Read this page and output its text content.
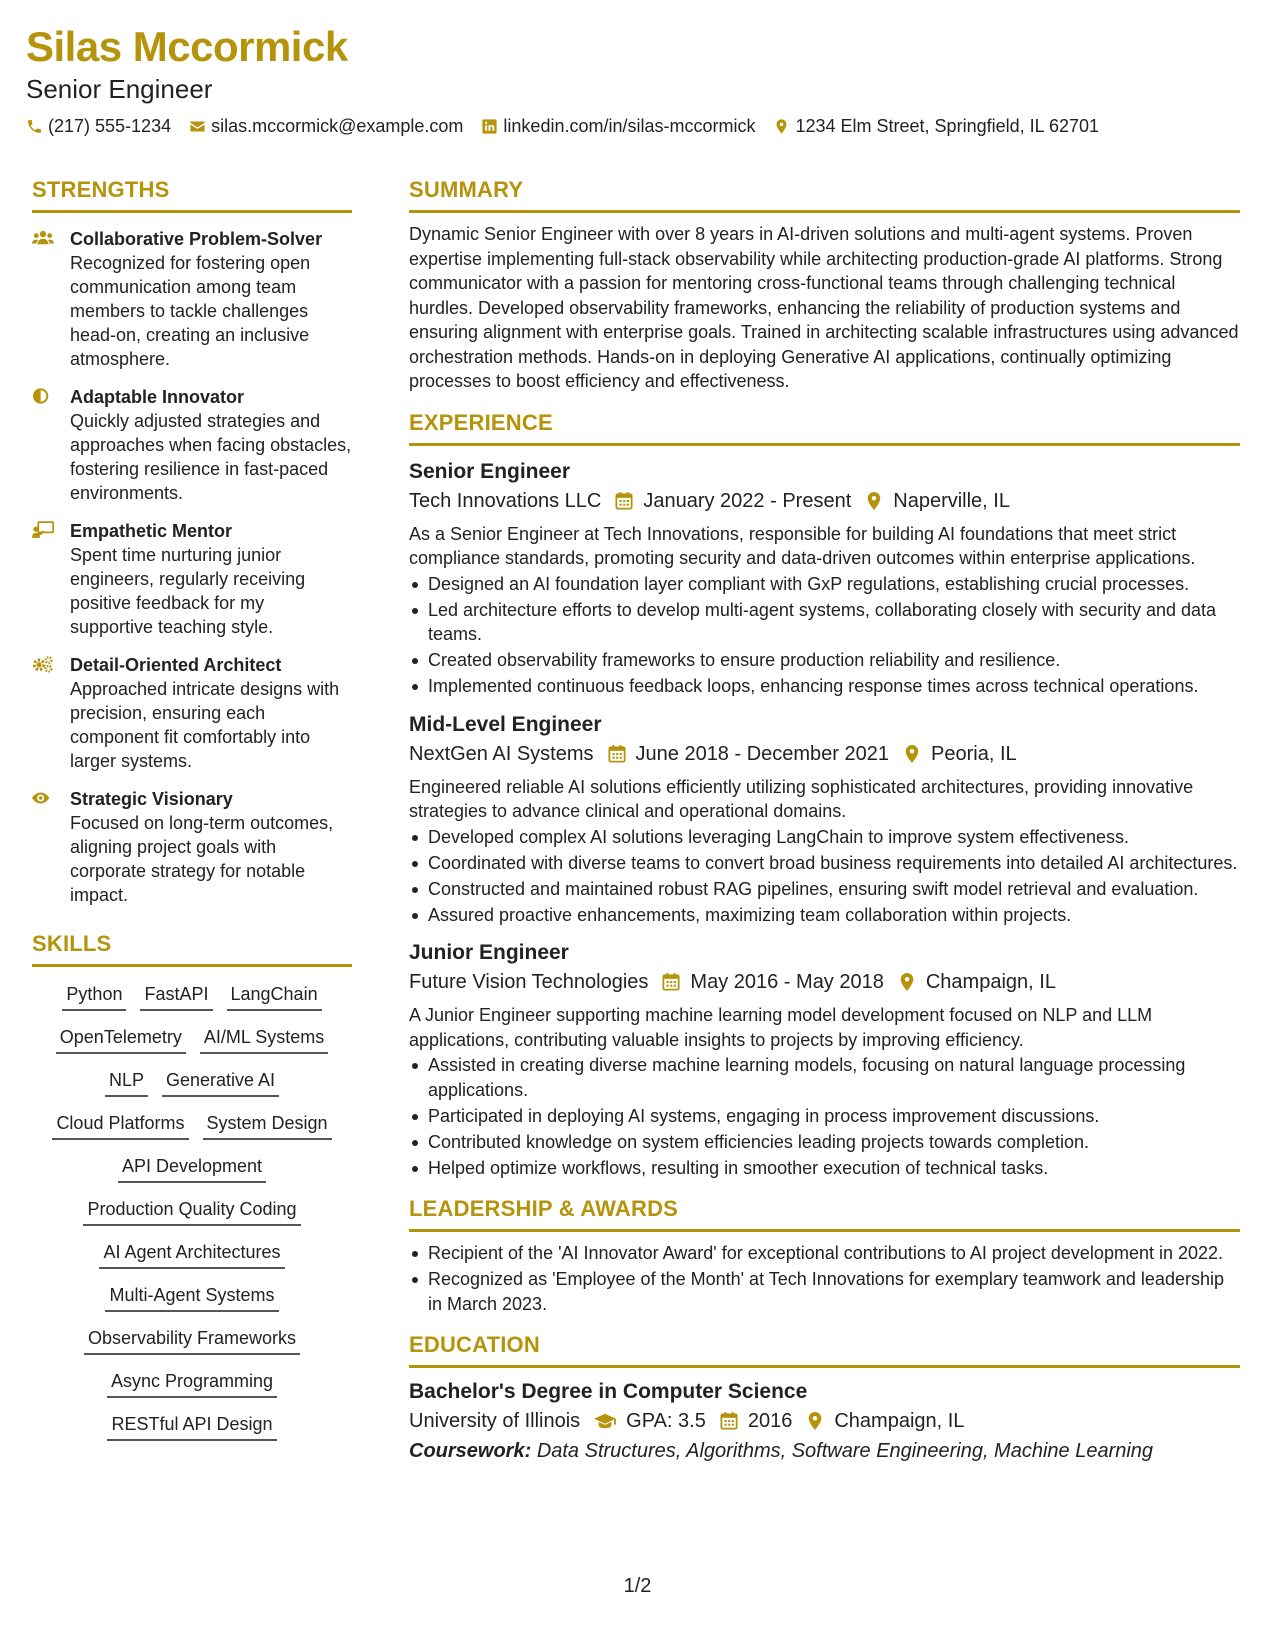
Silas Mccormick
Senior Engineer
(217) 555-1234 silas.mccormick@example.com linkedin.com/in/silas-mccormick 1234 Elm Street, Springfield, IL 62701
STRENGTHS
Collaborative Problem-Solver
Recognized for fostering open communication among team members to tackle challenges head-on, creating an inclusive atmosphere.
Adaptable Innovator
Quickly adjusted strategies and approaches when facing obstacles, fostering resilience in fast-paced environments.
Empathetic Mentor
Spent time nurturing junior engineers, regularly receiving positive feedback for my supportive teaching style.
Detail-Oriented Architect
Approached intricate designs with precision, ensuring each component fit comfortably into larger systems.
Strategic Visionary
Focused on long-term outcomes, aligning project goals with corporate strategy for notable impact.
SKILLS
Python FastAPI LangChain
OpenTelemetry AI/ML Systems
NLP Generative AI
Cloud Platforms System Design
API Development
Production Quality Coding
AI Agent Architectures
Multi-Agent Systems
Observability Frameworks
Async Programming
RESTful API Design
SUMMARY
Dynamic Senior Engineer with over 8 years in AI-driven solutions and multi-agent systems. Proven expertise implementing full-stack observability while architecting production-grade AI platforms. Strong communicator with a passion for mentoring cross-functional teams through challenging technical hurdles. Developed observability frameworks, enhancing the reliability of production systems and ensuring alignment with enterprise goals. Trained in architecting scalable infrastructures using advanced orchestration methods. Hands-on in deploying Generative AI applications, continually optimizing processes to boost efficiency and effectiveness.
EXPERIENCE
Senior Engineer
Tech Innovations LLC January 2022 - Present Naperville, IL
As a Senior Engineer at Tech Innovations, responsible for building AI foundations that meet strict compliance standards, promoting security and data-driven outcomes within enterprise applications.
Designed an AI foundation layer compliant with GxP regulations, establishing crucial processes.
Led architecture efforts to develop multi-agent systems, collaborating closely with security and data teams.
Created observability frameworks to ensure production reliability and resilience.
Implemented continuous feedback loops, enhancing response times across technical operations.
Mid-Level Engineer
NextGen AI Systems June 2018 - December 2021 Peoria, IL
Engineered reliable AI solutions efficiently utilizing sophisticated architectures, providing innovative strategies to advance clinical and operational domains.
Developed complex AI solutions leveraging LangChain to improve system effectiveness.
Coordinated with diverse teams to convert broad business requirements into detailed AI architectures.
Constructed and maintained robust RAG pipelines, ensuring swift model retrieval and evaluation.
Assured proactive enhancements, maximizing team collaboration within projects.
Junior Engineer
Future Vision Technologies May 2016 - May 2018 Champaign, IL
A Junior Engineer supporting machine learning model development focused on NLP and LLM applications, contributing valuable insights to projects by improving efficiency.
Assisted in creating diverse machine learning models, focusing on natural language processing applications.
Participated in deploying AI systems, engaging in process improvement discussions.
Contributed knowledge on system efficiencies leading projects towards completion.
Helped optimize workflows, resulting in smoother execution of technical tasks.
LEADERSHIP & AWARDS
Recipient of the 'AI Innovator Award' for exceptional contributions to AI project development in 2022.
Recognized as 'Employee of the Month' at Tech Innovations for exemplary teamwork and leadership in March 2023.
EDUCATION
Bachelor's Degree in Computer Science
University of Illinois GPA: 3.5 2016 Champaign, IL
Coursework: Data Structures, Algorithms, Software Engineering, Machine Learning
1/2
